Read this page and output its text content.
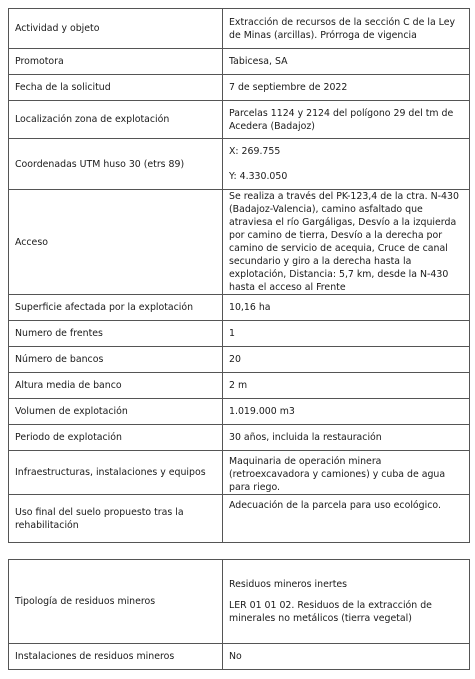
Actividad y objeto	Extracción de recursos de la sección C de la Ley de Minas (arcillas). Prórroga de vigencia
Promotora	Tabicesa, SA
Fecha de la solicitud	7 de septiembre de 2022
Localización zona de explotación	Parcelas 1124 y 2124 del polígono 29 del tm de Acedera (Badajoz)
Coordenadas UTM huso 30 (etrs 89)	X: 269.755
Y: 4.330.050

Acceso	Se realiza a través del PK-123,4 de la ctra. N-430 (Badajoz-Valencia), camino asfaltado que atraviesa el río Gargáligas, Desvío a la izquierda por camino de tierra, Desvío a la derecha por camino de servicio de acequia, Cruce de canal secundario y giro a la derecha hasta la explotación, Distancia: 5,7 km, desde la N-430 hasta el acceso al Frente
Superficie afectada por la explotación	10,16 ha
Numero de frentes	1
Número de bancos	20
Altura media de banco	2 m
Volumen de explotación	1.019.000 m3
Periodo de explotación	30 años, incluida la restauración
Infraestructuras, instalaciones y equipos	Maquinaria de operación minera (retroexcavadora y camiones) y cuba de agua para riego.
Uso final del suelo propuesto tras la rehabilitación	Adecuación de la parcela para uso ecológico.
Tipología de residuos mineros	Residuos mineros inertes
LER 01 01 02. Residuos de la extracción de minerales no metálicos (tierra vegetal)

Instalaciones de residuos mineros	No
